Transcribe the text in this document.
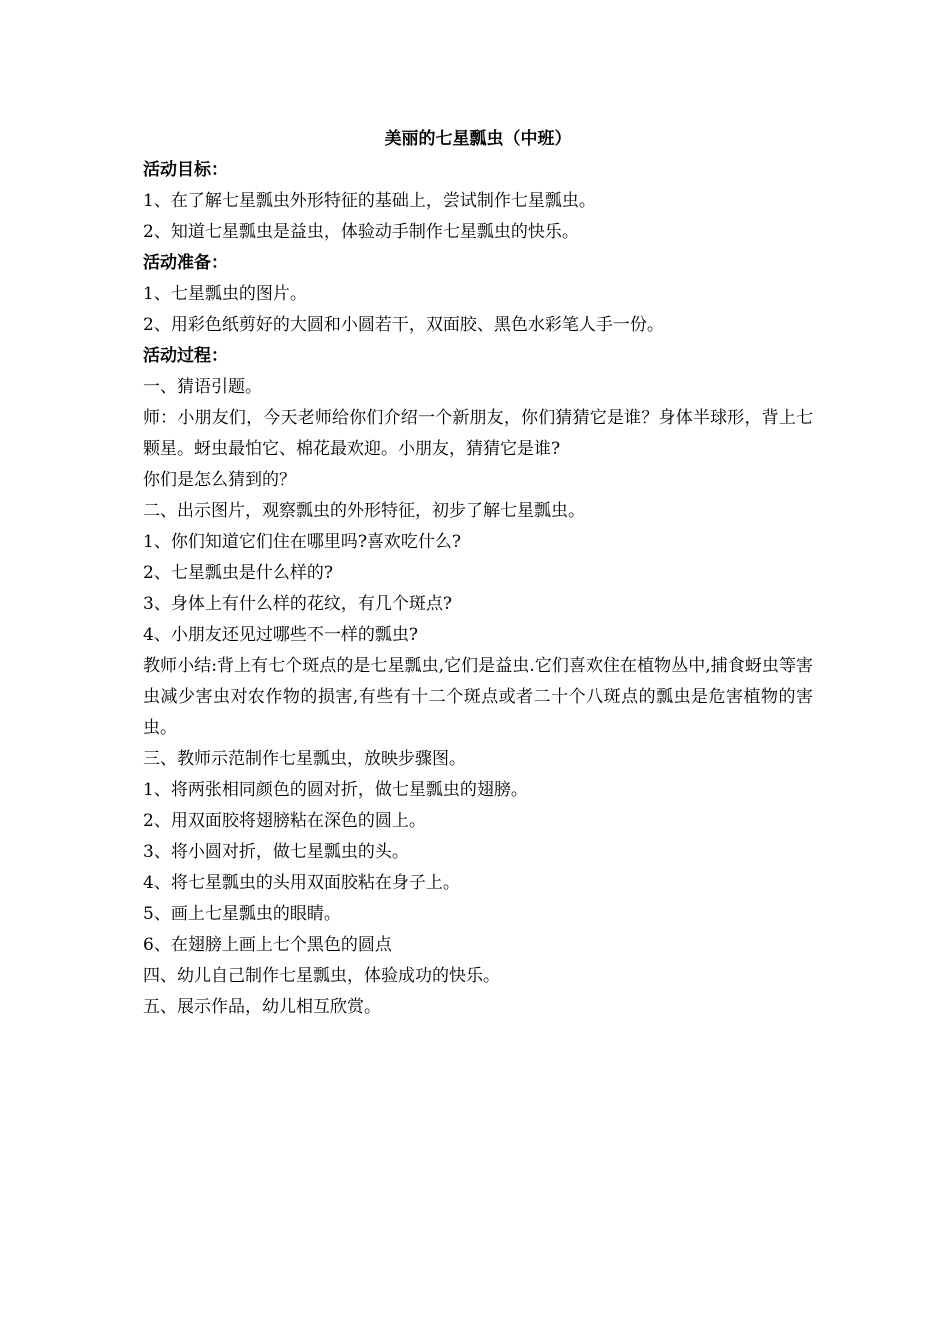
美丽的七星瓢虫（中班）
活动目标：
1、在了解七星瓢虫外形特征的基础上，尝试制作七星瓢虫。
2、知道七星瓢虫是益虫，体验动手制作七星瓢虫的快乐。
活动准备：
1、七星瓢虫的图片。
2、用彩色纸剪好的大圆和小圆若干，双面胶、黑色水彩笔人手一份。
活动过程：
一、猜语引题。
师：小朋友们，今天老师给你们介绍一个新朋友，你们猜猜它是谁？身体半球形，背上七颗星。蚜虫最怕它、棉花最欢迎。小朋友，猜猜它是谁?
你们是怎么猜到的？
二、出示图片，观察瓢虫的外形特征，初步了解七星瓢虫。
1、你们知道它们住在哪里吗?喜欢吃什么?
2、七星瓢虫是什么样的?
3、身体上有什么样的花纹，有几个斑点?
4、小朋友还见过哪些不一样的瓢虫?
教师小结:背上有七个斑点的是七星瓢虫,它们是益虫.它们喜欢住在植物丛中,捕食蚜虫等害虫减少害虫对农作物的损害,有些有十二个斑点或者二十个八斑点的瓢虫是危害植物的害虫。
三、教师示范制作七星瓢虫，放映步骤图。
1、将两张相同颜色的圆对折，做七星瓢虫的翅膀。
2、用双面胶将翅膀粘在深色的圆上。
3、将小圆对折，做七星瓢虫的头。
4、将七星瓢虫的头用双面胶粘在身子上。
5、画上七星瓢虫的眼睛。
6、在翅膀上画上七个黑色的圆点
四、幼儿自己制作七星瓢虫，体验成功的快乐。
五、展示作品，幼儿相互欣赏。
